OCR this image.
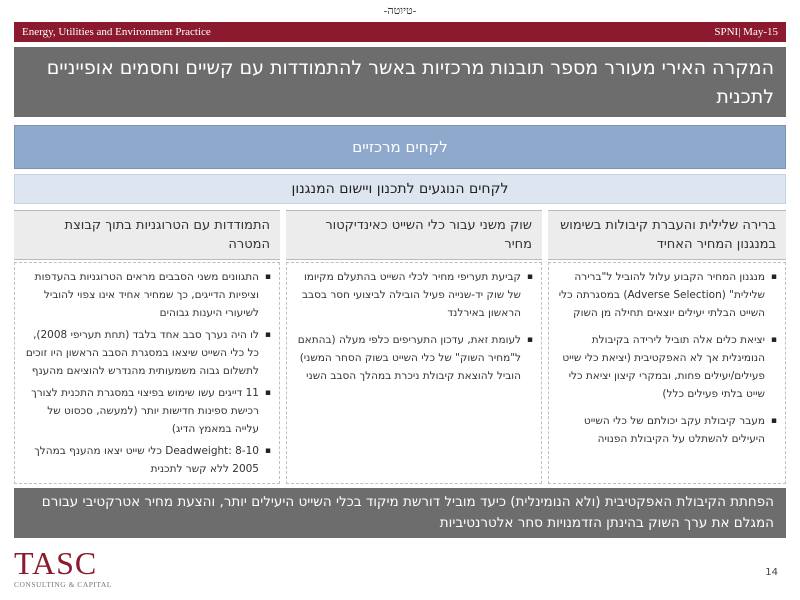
-טיוטה-
Energy, Utilities and Environment Practice	SPNI| May-15
המקרה האירי מעורר מספר תובנות מרכזיות באשר להתמודדות עם קשיים וחסמים אופייניים לתכנית
לקחים מרכזיים
לקחים הנוגעים לתכנון ויישום המנגנון
ברירה שלילית והעברת קיבולות בשימוש במנגנון המחיר האחיד
שוק משני עבור כלי השייט כאינדיקטור מחיר
התמודדות עם הטרוגניות בתוך קבוצת המטרה
▪
מנגנון המחיר הקבוע עלול להוביל ל"ברירה שלילית" (Adverse Selection) במסגרתה כלי השייט הבלתי יעילים יוצאים תחילה מן השוק
▪
יציאת כלים אלה תוביל לירידה בקיבולת הנומינלית אך לא האפקטיבית (יציאת כלי שייט פעילים/יעילים פחות, ובמקרי קיצון יציאת כלי שייט בלתי פעילים כלל)
▪
מעבר קיבולת עקב יכולתם של כלי השייט היעילים להשתלט על הקיבולת הפנויה
▪
קביעת תעריפי מחיר לכלי השייט בהתעלם מקיומו של שוק יד-שנייה פעיל הובילה לביצועי חסר בסבב הראשון באירלנד
▪
לעומת זאת, עדכון התעריפים כלפי מעלה (בהתאם ל"מחיר השוק" של כלי השייט בשוק הסחר המשני) הוביל להוצאת קיבולת ניכרת במהלך הסבב השני
▪
התגוונים משני הסבבים מראים הטרוגניות בהעדפות וציפיות הדייגים, כך שמחיר אחיד אינו צפוי להוביל לשיעורי היענות גבוהים
▪
לו היה נערך סבב אחד בלבד (תחת תעריפי 2008), כל כלי השייט שיצאו במסגרת הסבב הראשון היו זוכים לתשלום גבוה משמעותית מהנדרש להוציאם מהענף
▪
11 דייגים עשו שימוש בפיצוי במסגרת התכנית לצורך רכישת ספינות חדישות יותר (למעשה, סכסוט של עלייה במאמץ הדיג)
▪
Deadweight: 8-10 כלי שייט יצאו מהענף במהלך 2005 ללא קשר לתכנית
הפחתת הקיבולת האפקטיבית (ולא הנומינלית) כיעד מוביל דורשת מיקוד בכלי השייט היעילים יותר, והצעת מחיר אטרקטיבי עבורם המגלם את ערך השוק בהינתן הזדמנויות סחר אלטרנטיביות
TASC
CONSULTING & CAPITAL
14
